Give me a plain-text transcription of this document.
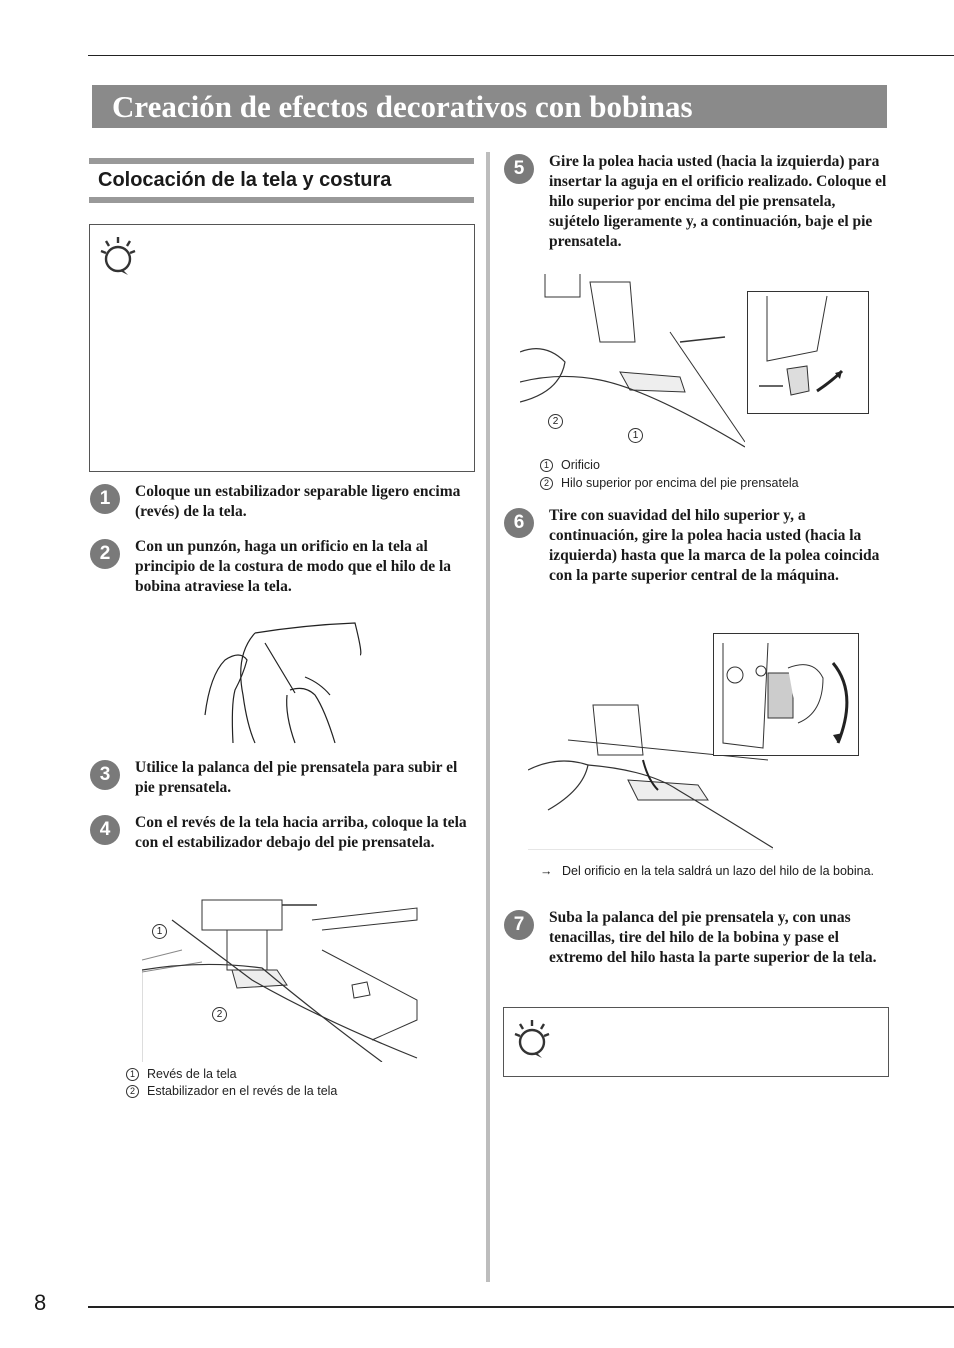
Creación de efectos decorativos con bobinas
Colocación de la tela y costura
1	Coloque un estabilizador separable ligero encima (revés) de la tela.
2	Con un punzón, haga un orificio en la tela al principio de la costura de modo que el hilo de la bobina atraviese la tela.
3	Utilice la palanca del pie prensatela para subir el pie prensatela.
4	Con el revés de la tela hacia arriba, coloque la tela con el estabilizador debajo del pie prensatela.
1
2
1 Revés de la tela
2 Estabilizador en el revés de la tela
5	Gire la polea hacia usted (hacia la izquierda) para insertar la aguja en el orificio realizado. Coloque el hilo superior por encima del pie prensatela, sujételo ligeramente y, a continuación, baje el pie prensatela.
2
1
1 Orificio
2 Hilo superior por encima del pie prensatela
6	Tire con suavidad del hilo superior y, a continuación, gire la polea hacia usted (hacia la izquierda) hasta que la marca de la polea coincida con la parte superior central de la máquina.
→ Del orificio en la tela saldrá un lazo del hilo de la bobina.
7	Suba la palanca del pie prensatela y, con unas tenacillas, tire del hilo de la bobina y pase el extremo del hilo hasta la parte superior de la tela.
8
